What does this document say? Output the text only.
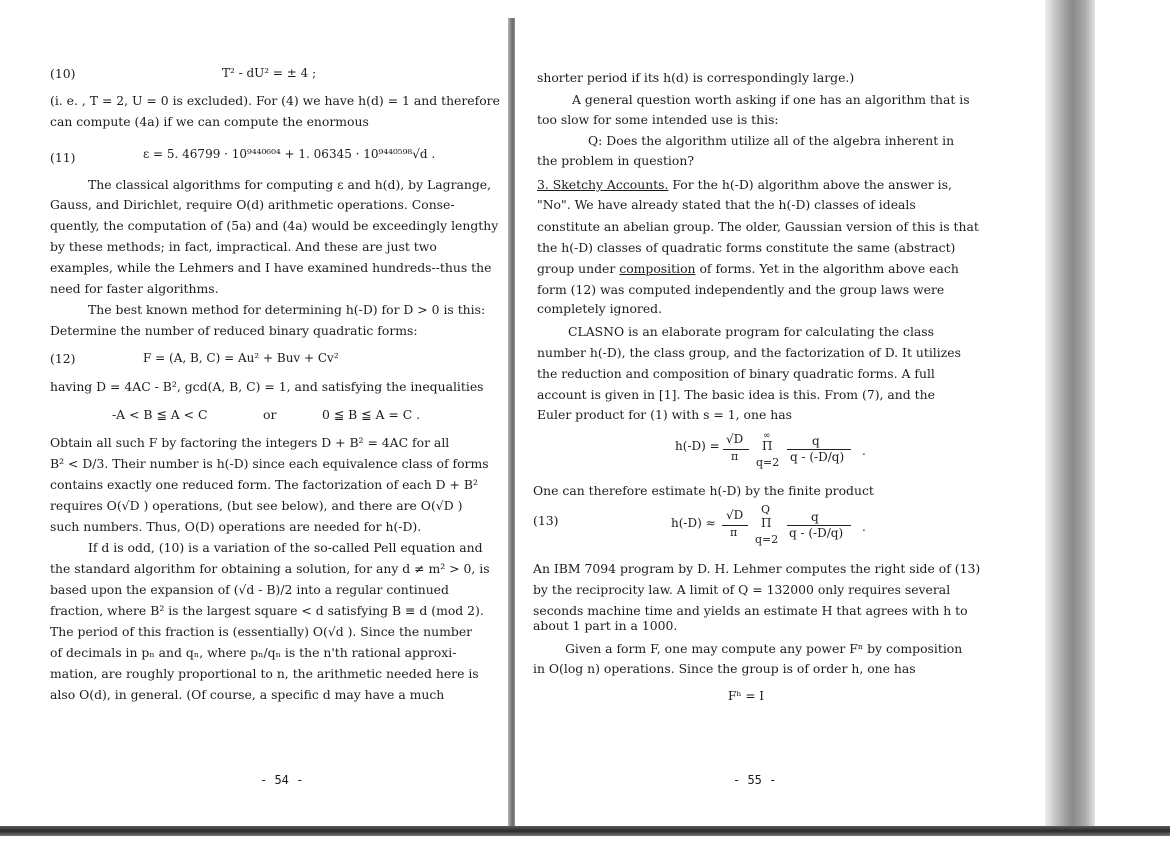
(10)	T² - dU² = ± 4 ;
(i. e. , T = 2, U = 0 is excluded). For (4) we have h(d) = 1 and therefore
can compute (4a) if we can compute the enormous
(11)	ε = 5. 46799 · 10⁹⁴⁴⁰⁶⁰⁴ + 1. 06345 · 10⁹⁴⁴⁰⁵⁹⁸√d .
The classical algorithms for computing ε and h(d), by Lagrange,
Gauss, and Dirichlet, require O(d) arithmetic operations. Conse-
quently, the computation of (5a) and (4a) would be exceedingly lengthy
by these methods; in fact, impractical. And these are just two
examples, while the Lehmers and I have examined hundreds--thus the
need for faster algorithms.
The best known method for determining h(-D) for D > 0 is this:
Determine the number of reduced binary quadratic forms:
(12)	F = (A, B, C) = Au² + Buv + Cv²
having D = 4AC - B², gcd(A, B, C) = 1, and satisfying the inequalities
-A < B ≦ A < C	or	0 ≦ B ≦ A = C .
Obtain all such F by factoring the integers D + B² = 4AC for all
B² < D/3. Their number is h(-D) since each equivalence class of forms
contains exactly one reduced form. The factorization of each D + B²
requires O(√D ) operations, (but see below), and there are O(√D )
such numbers. Thus, O(D) operations are needed for h(-D).
If d is odd, (10) is a variation of the so-called Pell equation and
the standard algorithm for obtaining a solution, for any d ≠ m² > 0, is
based upon the expansion of (√d - B)/2 into a regular continued
fraction, where B² is the largest square < d satisfying B ≡ d (mod 2).
The period of this fraction is (essentially) O(√d ). Since the number
of decimals in pₙ and qₙ, where pₙ/qₙ is the n'th rational approxi-
mation, are roughly proportional to n, the arithmetic needed here is
also O(d), in general. (Of course, a specific d may have a much
- 54 -
shorter period if its h(d) is correspondingly large.)
A general question worth asking if one has an algorithm that is
too slow for some intended use is this:
Q: Does the algorithm utilize all of the algebra inherent in
the problem in question?
3. Sketchy Accounts. For the h(-D) algorithm above the answer is,
"No". We have already stated that the h(-D) classes of ideals
constitute an abelian group. The older, Gaussian version of this is that
the h(-D) classes of quadratic forms constitute the same (abstract)
group under composition of forms. Yet in the algorithm above each
form (12) was computed independently and the group laws were
completely ignored.
CLASNO is an elaborate program for calculating the class
number h(-D), the class group, and the factorization of D. It utilizes
the reduction and composition of binary quadratic forms. A full
account is given in [1]. The basic idea is this. From (7), and the
Euler product for (1) with s = 1, one has
h(-D) = √D
π
∞
Π
q=2
q
q - (-D/q) .
One can therefore estimate h(-D) by the finite product
(13)	h(-D) ≈
√D
π
Q
Π
q=2
q
q - (-D/q) .
An IBM 7094 program by D. H. Lehmer computes the right side of (13)
by the reciprocity law. A limit of Q = 132000 only requires several
seconds machine time and yields an estimate H that agrees with h to
about 1 part in a 1000.
Given a form F, one may compute any power Fⁿ by composition
in O(log n) operations. Since the group is of order h, one has
Fʰ = I
- 55 -
